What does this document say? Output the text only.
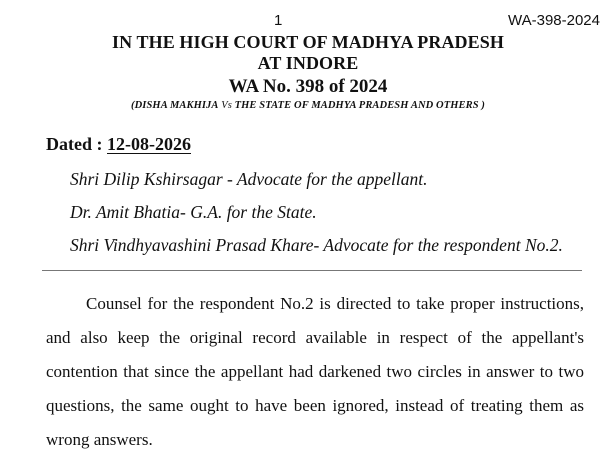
1	WA-398-2024
IN THE HIGH COURT OF MADHYA PRADESH
AT INDORE
WA No. 398 of 2024
(DISHA MAKHIJA Vs THE STATE OF MADHYA PRADESH AND OTHERS )
Dated : 12-08-2026
Shri Dilip Kshirsagar - Advocate for the appellant.
Dr. Amit Bhatia- G.A. for the State.
Shri Vindhyavashini Prasad Khare- Advocate for the respondent No.2.
Counsel for the respondent No.2 is directed to take proper instructions,
and also keep the original record available in respect of the appellant's
contention that since the appellant had darkened two circles in answer to two
questions, the same ought to have been ignored, instead of treating them as
wrong answers.
